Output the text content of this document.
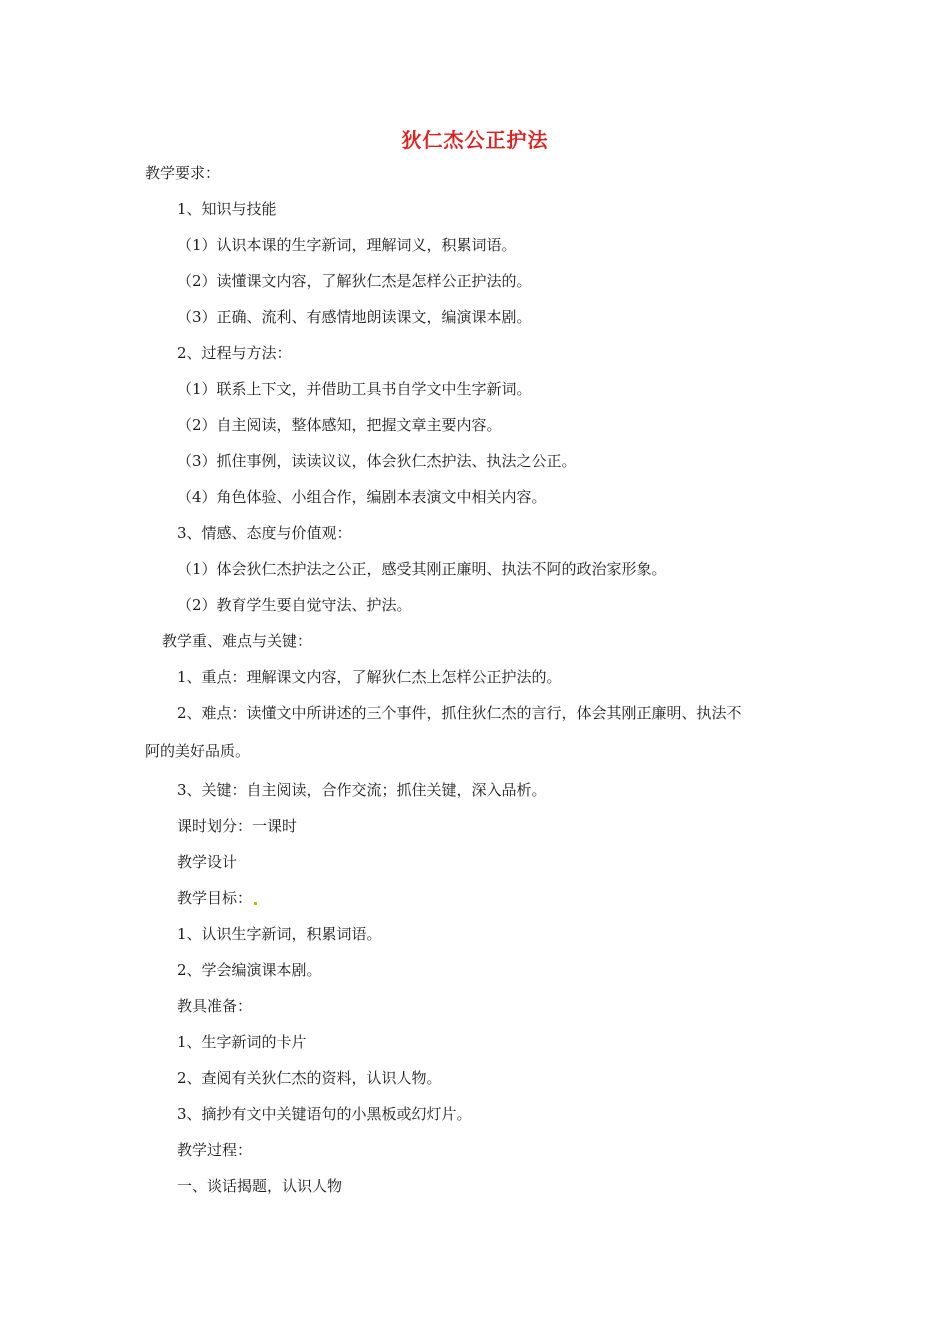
狄仁杰公正护法
教学要求：
1、知识与技能
（1）认识本课的生字新词，理解词义，积累词语。
（2）读懂课文内容，了解狄仁杰是怎样公正护法的。
（3）正确、流利、有感情地朗读课文，编演课本剧。
2、过程与方法：
（1）联系上下文，并借助工具书自学文中生字新词。
（2）自主阅读，整体感知，把握文章主要内容。
（3）抓住事例，读读议议，体会狄仁杰护法、执法之公正。
（4）角色体验、小组合作，编剧本表演文中相关内容。
3、情感、态度与价值观：
（1）体会狄仁杰护法之公正，感受其刚正廉明、执法不阿的政治家形象。
（2）教育学生要自觉守法、护法。
教学重、难点与关键：
1、重点：理解课文内容，了解狄仁杰上怎样公正护法的。
2、难点：读懂文中所讲述的三个事件，抓住狄仁杰的言行，体会其刚正廉明、执法不
阿的美好品质。
3、关键：自主阅读，合作交流；抓住关键，深入品析。
课时划分：一课时
教学设计
教学目标：
1、认识生字新词，积累词语。
2、学会编演课本剧。
教具准备：
1、生字新词的卡片
2、查阅有关狄仁杰的资料，认识人物。
3、摘抄有文中关键语句的小黑板或幻灯片。
教学过程：
一、谈话揭题，认识人物
